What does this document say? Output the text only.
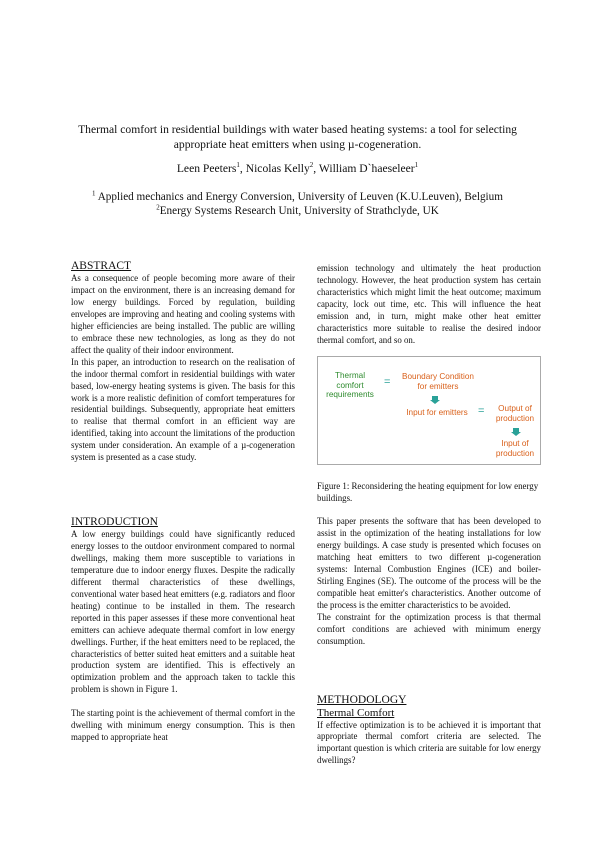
Thermal comfort in residential buildings with water based heating systems: a tool for selecting appropriate heat emitters when using µ-cogeneration.
Leen Peeters$^1$, Nicolas Kelly$^2$, William D`haeseleer$^1$
$^1$ Applied mechanics and Energy Conversion, University of Leuven (K.U.Leuven), Belgium
$^2$Energy Systems Research Unit, University of Strathclyde, UK
ABSTRACT

As a consequence of people becoming more aware of their impact on the environment, there is an increasing demand for low energy buildings. Forced by regulation, building envelopes are improving and heating and cooling systems with higher efficiencies are being installed. The public are willing to embrace these new technologies, as long as they do not affect the quality of their indoor environment.

In this paper, an introduction to research on the realisation of the indoor thermal comfort in residential buildings with water based, low-energy heating systems is given. The basis for this work is a more realistic definition of comfort temperatures for residential buildings. Subsequently, appropriate heat emitters to realise that thermal comfort in an efficient way are identified, taking into account the limitations of the production system under consideration. An example of a µ-cogeneration system is presented as a case study.

INTRODUCTION

A low energy buildings could have significantly reduced energy losses to the outdoor environment compared to normal dwellings, making them more susceptible to variations in temperature due to indoor energy fluxes. Despite the radically different thermal characteristics of these dwellings, conventional water based heat emitters (e.g. radiators and floor heating) continue to be installed in them. The research reported in this paper assesses if these more conventional heat emitters can achieve adequate thermal comfort in low energy dwellings. Further, if the heat emitters need to be replaced, the characteristics of better suited heat emitters and a suitable heat production system are identified. This is effectively an optimization problem and the approach taken to tackle this problem is shown in Figure 1.

The starting point is the achievement of thermal comfort in the dwelling with minimum energy consumption. This is then mapped to appropriate heat

emission technology and ultimately the heat production technology. However, the heat production system has certain characteristics which might limit the heat outcome; maximum capacity, lock out time, etc. This will influence the heat emission and, in turn, might make other heat emitter characteristics more suitable to realise the desired indoor thermal comfort, and so on.

Thermal comfort requirements
=	Boundary Condition for emitters
Input for emitters =	Output of production
Input of production
Figure 1: Reconsidering the heating equipment for low energy buildings.

This paper presents the software that has been developed to assist in the optimization of the heating installations for low energy buildings. A case study is presented which focuses on matching heat emitters to two different µ-cogeneration systems: Internal Combustion Engines (ICE) and boiler-Stirling Engines (SE). The outcome of the process will be the compatible heat emitter's characteristics. Another outcome of the process is the emitter characteristics to be avoided.

The constraint for the optimization process is that thermal comfort conditions are achieved with minimum energy consumption.

METHODOLOGY
Thermal Comfort

If effective optimization is to be achieved it is important that appropriate thermal comfort criteria are selected. The important question is which criteria are suitable for low energy dwellings?
